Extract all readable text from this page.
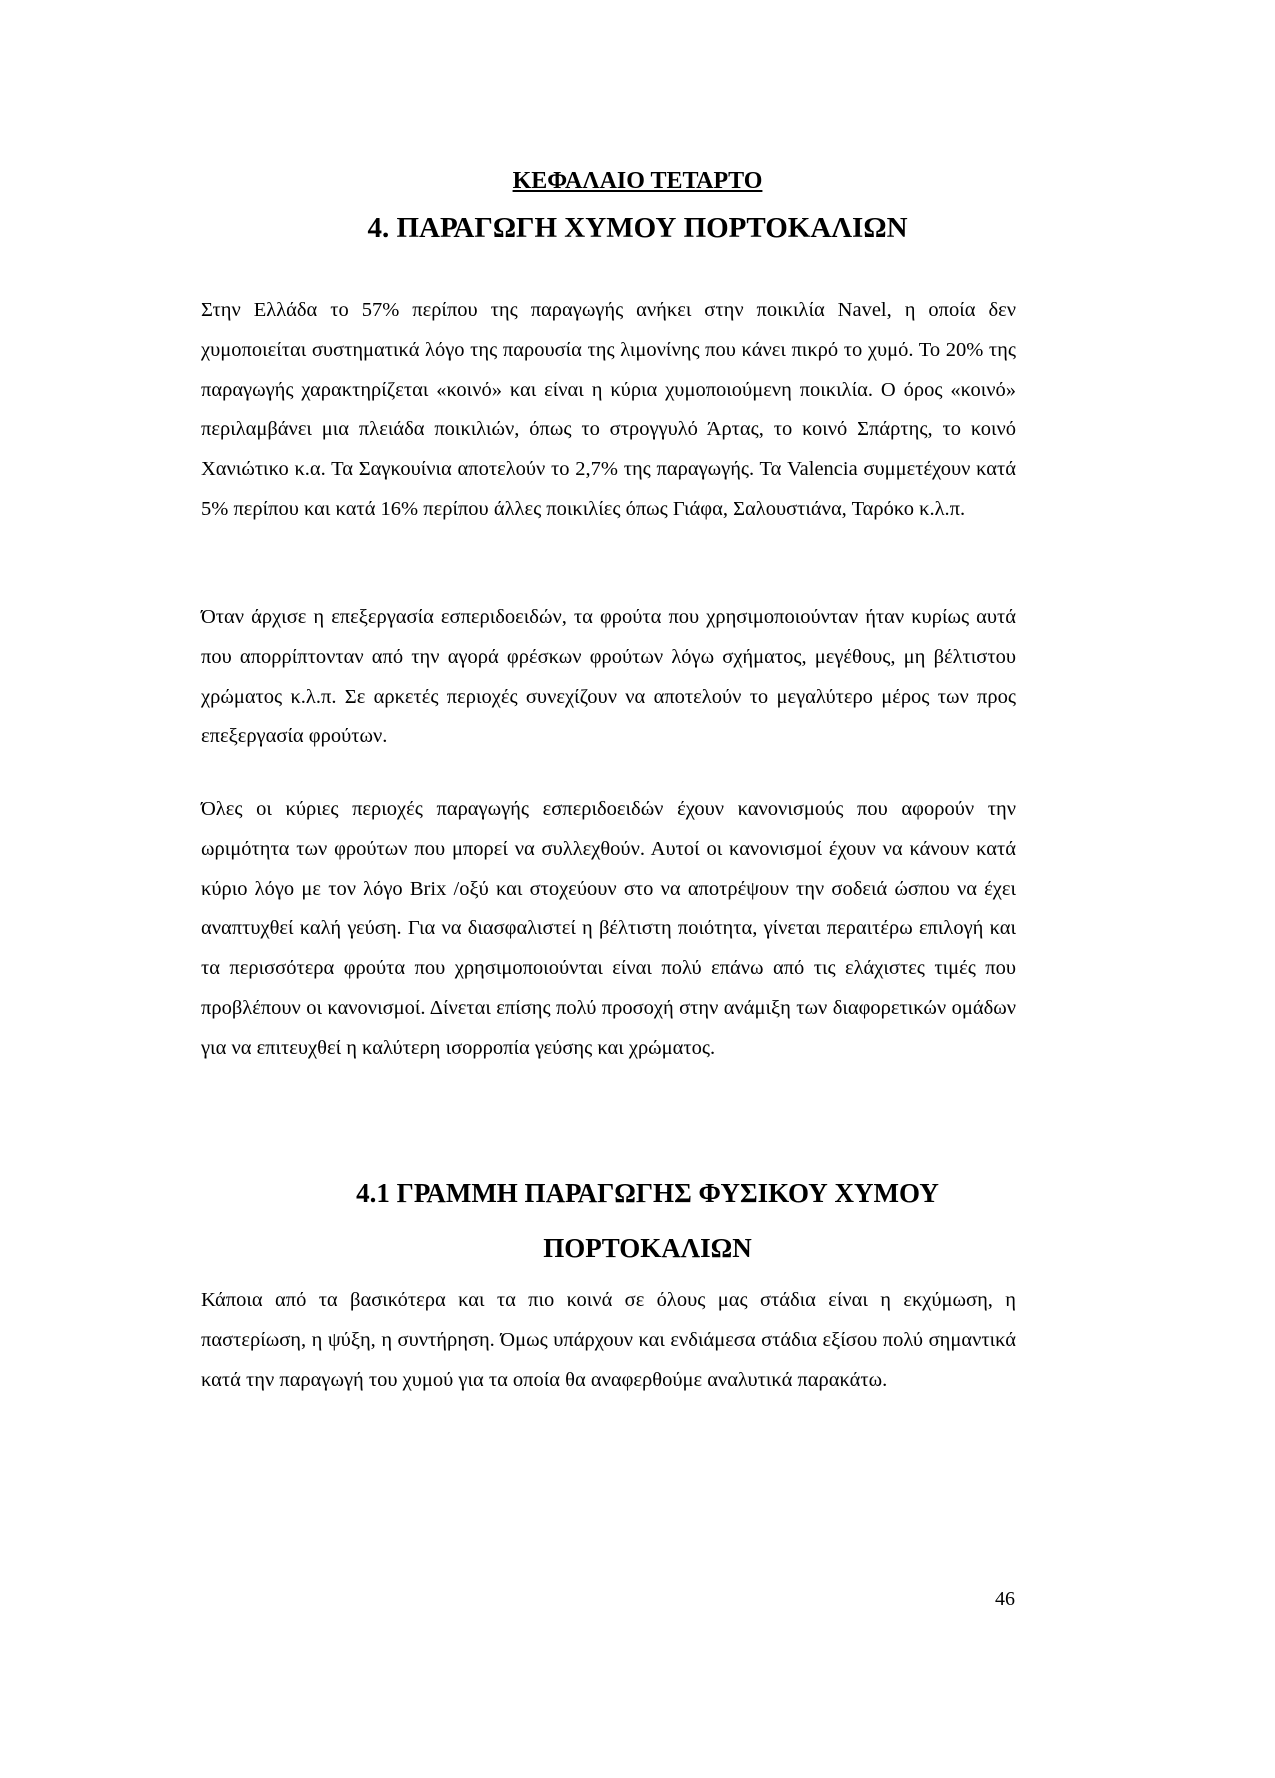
ΚΕΦΑΛΑΙΟ ΤΕΤΑΡΤΟ
4. ΠΑΡΑΓΩΓΗ ΧΥΜΟΥ ΠΟΡΤΟΚΑΛΙΩΝ

Στην Ελλάδα το 57% περίπου της παραγωγής ανήκει στην ποικιλία Navel, η οποία δεν χυμοποιείται συστηματικά λόγο της παρουσία της λιμονίνης που κάνει πικρό το χυμό. Το 20% της παραγωγής χαρακτηρίζεται «κοινό» και είναι η κύρια χυμοποιούμενη ποικιλία. Ο όρος «κοινό» περιλαμβάνει μια πλειάδα ποικιλιών, όπως το στρογγυλό Άρτας, το κοινό Σπάρτης, το κοινό Χανιώτικο κ.α. Τα Σαγκουίνια αποτελούν το 2,7% της παραγωγής. Τα Valencia συμμετέχουν κατά 5% περίπου και κατά 16% περίπου άλλες ποικιλίες όπως Γιάφα, Σαλουστιάνα, Ταρόκο κ.λ.π.

Όταν άρχισε η επεξεργασία εσπεριδοειδών, τα φρούτα που χρησιμοποιούνταν ήταν κυρίως αυτά που απορρίπτονταν από την αγορά φρέσκων φρούτων λόγω σχήματος, μεγέθους, μη βέλτιστου χρώματος κ.λ.π. Σε αρκετές περιοχές συνεχίζουν να αποτελούν το μεγαλύτερο μέρος των προς επεξεργασία φρούτων.

Όλες οι κύριες περιοχές παραγωγής εσπεριδοειδών έχουν κανονισμούς που αφορούν την ωριμότητα των φρούτων που μπορεί να συλλεχθούν. Αυτοί οι κανονισμοί έχουν να κάνουν κατά κύριο λόγο με τον λόγο Brix /οξύ και στοχεύουν στο να αποτρέψουν την σοδειά ώσπου να έχει αναπτυχθεί καλή γεύση. Για να διασφαλιστεί η βέλτιστη ποιότητα, γίνεται περαιτέρω επιλογή και τα περισσότερα φρούτα που χρησιμοποιούνται είναι πολύ επάνω από τις ελάχιστες τιμές που προβλέπουν οι κανονισμοί. Δίνεται επίσης πολύ προσοχή στην ανάμιξη των διαφορετικών ομάδων για να επιτευχθεί η καλύτερη ισορροπία γεύσης και χρώματος.

4.1 ΓΡΑΜΜΗ ΠΑΡΑΓΩΓΗΣ ΦΥΣΙΚΟΥ ΧΥΜΟΥ
ΠΟΡΤΟΚΑΛΙΩΝ

Κάποια από τα βασικότερα και τα πιο κοινά σε όλους μας στάδια είναι η εκχύμωση, η παστερίωση, η ψύξη, η συντήρηση. Όμως υπάρχουν και ενδιάμεσα στάδια εξίσου πολύ σημαντικά κατά την παραγωγή του χυμού για τα οποία θα αναφερθούμε αναλυτικά παρακάτω.

46
